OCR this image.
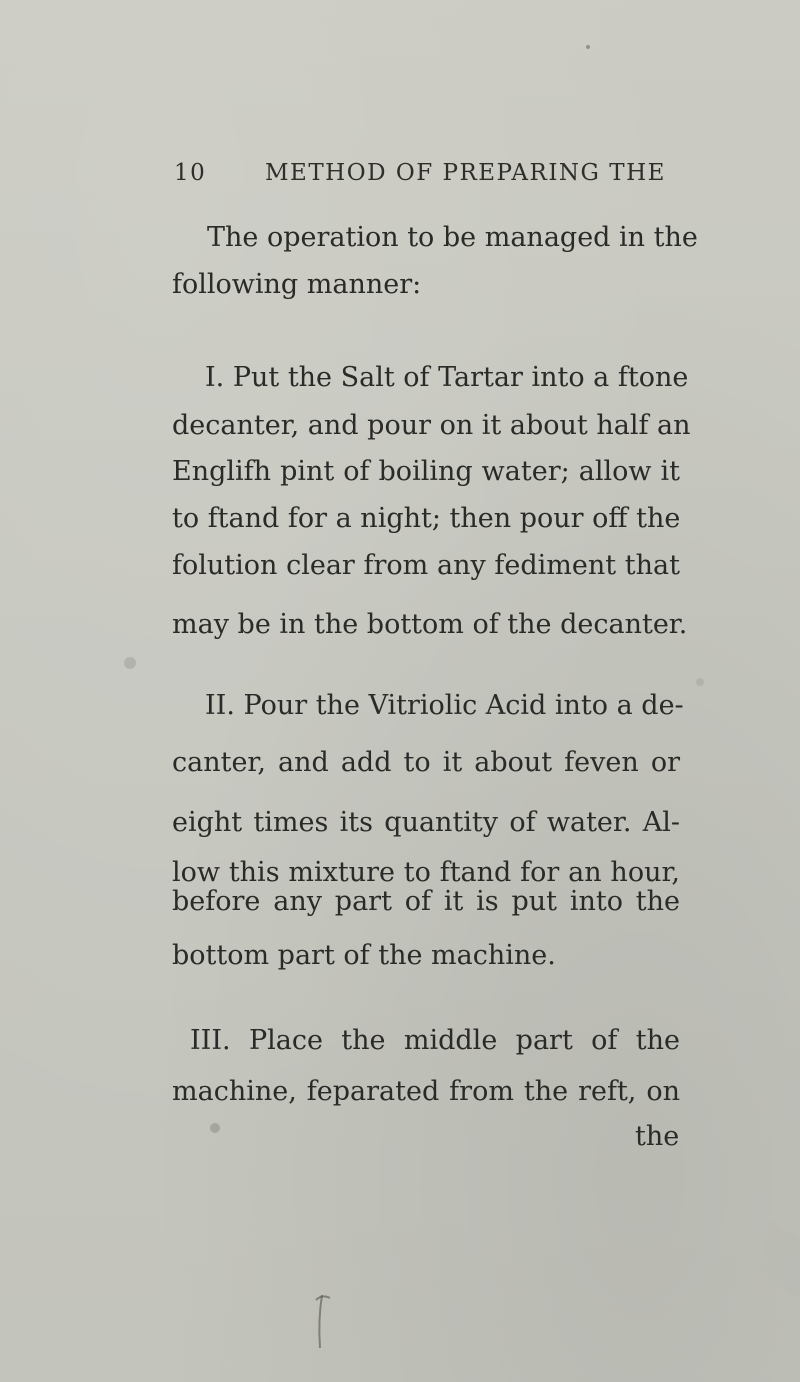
10	METHOD OF PREPARING THE
The operation to be managed in the
following manner:
I. Put the Salt of Tartar into a ftone
decanter, and pour on it about half an
Englifh pint of boiling water; allow it
to ftand for a night; then pour off the
folution clear from any fediment that
may be in the bottom of the decanter.
II. Pour the Vitriolic Acid into a de-
canter, and add to it about feven or
eight times its quantity of water. Al-
low this mixture to ftand for an hour,
before any part of it is put into the
bottom part of the machine.
III. Place the middle part of the
machine, feparated from the reft, on
the
